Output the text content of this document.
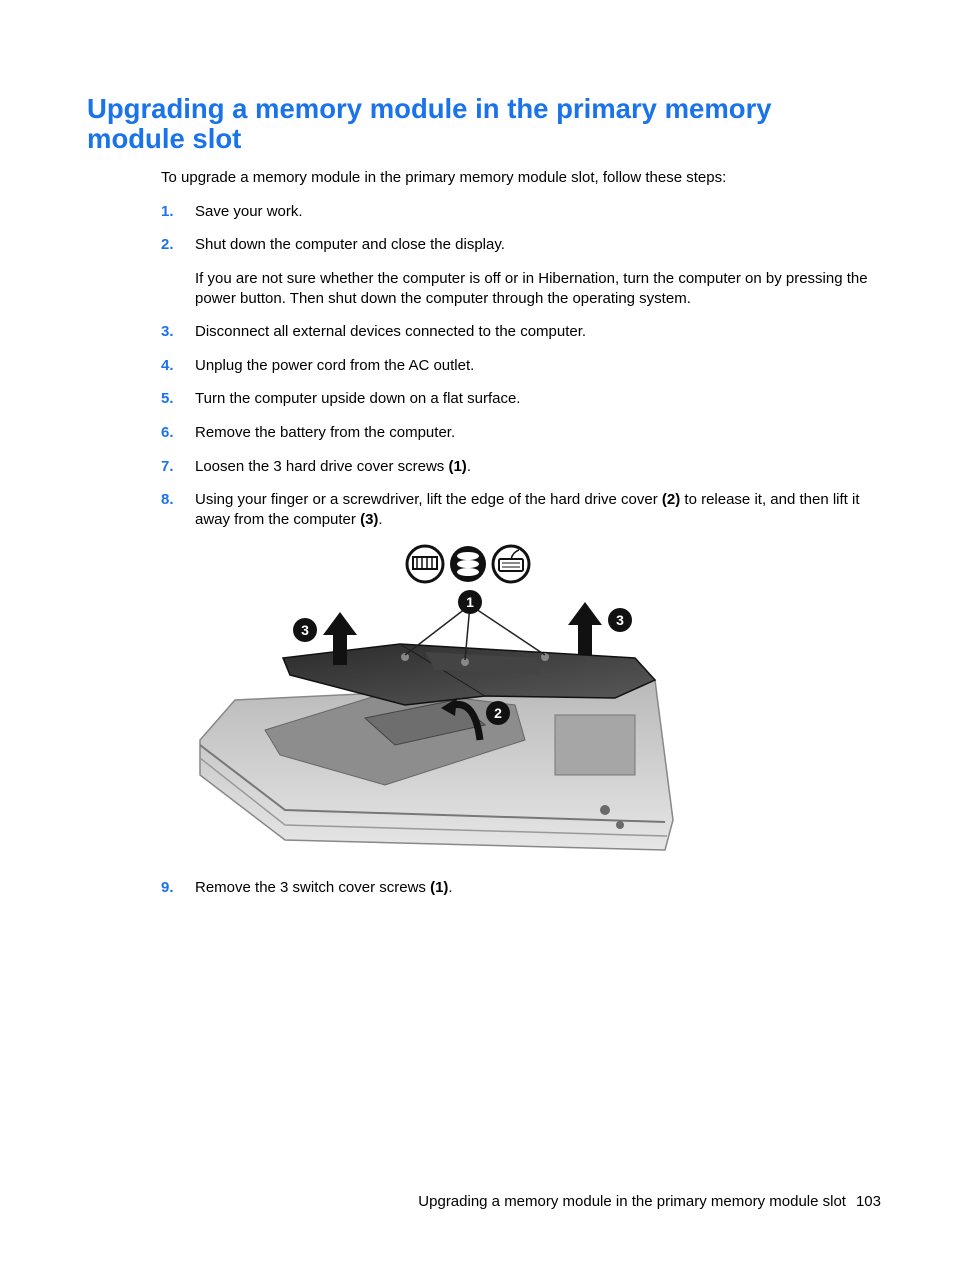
Upgrading a memory module in the primary memory module slot

To upgrade a memory module in the primary memory module slot, follow these steps:

1.	Save your work.
2.	Shut down the computer and close the display.

If you are not sure whether the computer is off or in Hibernation, turn the computer on by pressing the power button. Then shut down the computer through the operating system.

3.	Disconnect all external devices connected to the computer.
4.	Unplug the power cord from the AC outlet.
5.	Turn the computer upside down on a flat surface.
6.	Remove the battery from the computer.
7.	Loosen the 3 hard drive cover screws (1).
8.	Using your finger or a screwdriver, lift the edge of the hard drive cover (2) to release it, and then lift it away from the computer (3).
1
2
3
3
9.	Remove the 3 switch cover screws (1).
Upgrading a memory module in the primary memory module slot 103
